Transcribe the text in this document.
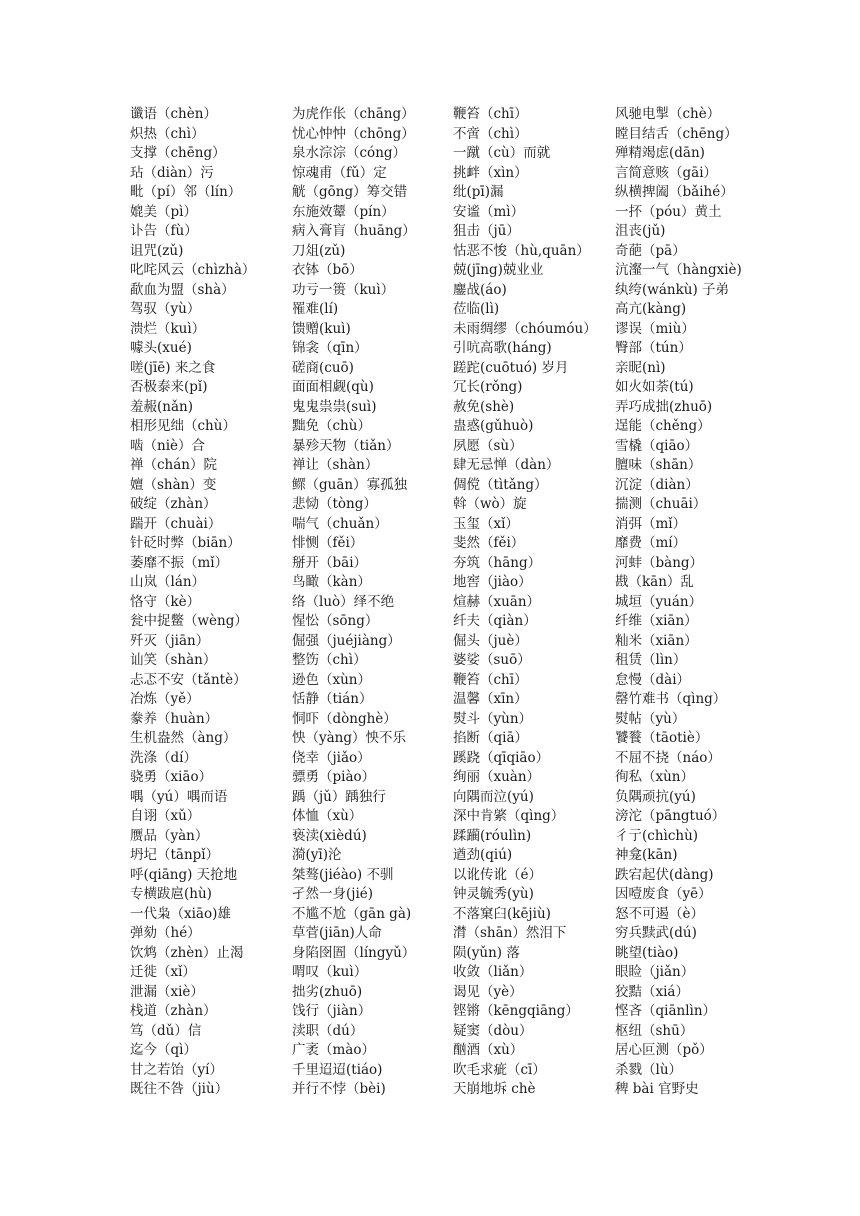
谶语（chèn）
炽热（chì）
支撑（chēng）
玷（diàn）污
毗（pí）邻（lín）
媲美（pì）
讣告（fù）
诅咒(zǔ)
叱咤风云（chìzhà）
歃血为盟（shà）
驾驭（yù）
溃烂（kuì）
噱头(xué)
嗟(jīē) 来之食
否极泰来(pǐ)
羞赧(nǎn)
相形见绌（chù）
啮（niè）合
禅（chán）院
嬗（shàn）变
破绽（zhàn）
踹开（chuài）
针砭时弊（biān）
萎靡不振（mǐ）
山岚（lán）
恪守（kè）
瓮中捉鳖（wèng）
歼灭（jiān）
讪笑（shàn）
忐忑不安（tǎntè）
冶炼（yě）
豢养（huàn）
生机盎然（àng）
洗涤（dí）
骁勇（xiāo）
喁（yú）喁而语
自诩（xǔ）
赝品（yàn）
坍圮（tānpǐ）
呼(qiāng) 天抢地
专横跋扈(hù)
一代枭（xiāo)雄
弹劾（hé）
饮鸩（zhèn）止渴
迁徙（xǐ）
泄漏（xiè）
栈道（zhàn）
笃（dǔ）信
迄今（qì）
甘之若饴（yí）
既往不咎（jiù）
为虎作伥（chāng）
忧心忡忡（chōng）
泉水淙淙（cóng）
惊魂甫（fǔ）定
觥（gōng）筹交错
东施效颦（pín）
病入膏肓（huāng）
刀俎(zǔ)
衣钵（bō）
功亏一篑（kuì）
罹难(lí)
馈赠(kuì)
锦衾（qīn）
磋商(cuō)
面面相觑(qù)
鬼鬼祟祟(suì)
黜免（chù）
暴殄天物（tiǎn）
禅让（shàn）
鳏（guān）寡孤独
悲恸（tòng）
喘气（chuǎn）
悱恻（fěi）
掰开（bāi）
鸟瞰（kàn）
络（luò）绎不绝
惺忪（sōng）
倔强（juéjiàng）
整饬（chì）
逊色（xùn）
恬静（tián）
恫吓（dònghè）
怏（yàng）怏不乐
侥幸（jiǎo）
骠勇（piào）
踽（jǔ）踽独行
体恤（xù）
亵渎(xièdú)
漪(yī)沦
桀骜(jiéào) 不驯
孑然一身(jié)
不尴不尬（gān gà)
草菅(jiān)人命
身陷囹圄（língyǔ）
喟叹（kuì）
拙劣(zhuō)
饯行（jiàn）
渎职（dú）
广袤（mào）
千里迢迢(tiáo)
并行不悖（bèi)
鞭笞（chī）
不啻（chì）
一蹴（cù）而就
挑衅（xìn）
纰(pī)漏
安谧（mì）
狙击（jū）
怙恶不悛（hù,quān）
兢(jīng)兢业业
鏖战(áo)
莅临(lì)
未雨绸缪（chóumóu）
引吭高歌(háng)
蹉跎(cuōtuó) 岁月
冗长(rǒng)
赦免(shè)
蛊惑(gǔhuò)
夙愿（sù）
肆无忌惮（dàn）
倜傥（tìtǎng）
斡（wò）旋
玉玺（xǐ）
斐然（fěi）
夯筑（hāng）
地窖（jiào）
煊赫（xuān）
纤夫（qiàn）
倔头（juè）
婆娑（suō）
鞭笞（chī）
温馨（xīn）
熨斗（yùn）
掐断（qiā）
蹊跷（qīqiāo）
绚丽（xuàn）
向隅而泣(yú)
深中肯綮（qìng）
蹂躏(róulìn)
遒劲(qiú)
以讹传讹（é）
钟灵毓秀(yù)
不落窠臼(kējiù)
潸（shān）然泪下
陨(yǔn) 落
收敛（liǎn）
谒见（yè）
铿锵（kēngqiāng）
疑窦（dòu）
酗酒（xù）
吹毛求疵（cī）
天崩地坼 chè
风驰电掣（chè）
瞠目结舌（chēng）
殚精竭虑(dān)
言简意赅（gāi）
纵横捭阖（bǎihé）
一抔（póu）黄土
沮丧(jǔ)
奇葩（pā）
沆瀣一气（hàngxiè)
纨绔(wánkù) 子弟
高亢(kàng)
谬误（miù）
臀部（tún）
亲昵(nì)
如火如荼(tú)
弄巧成拙(zhuō)
逞能（chěng）
雪橇（qiāo）
膻味（shān）
沉淀（diàn）
揣测（chuāi）
消弭（mǐ）
靡费（mí）
河蚌（bàng）
戡（kān）乱
城垣（yuán）
纤维（xiān）
籼米（xiān）
租赁（lìn）
怠慢（dài）
罄竹难书（qìng）
熨帖（yù）
饕餮（tāotiè）
不屈不挠（náo）
徇私（xùn）
负隅顽抗(yú)
滂沱（pāngtuó）
彳亍(chìchù)
神龛(kān)
跌宕起伏(dàng)
因噎废食（yē）
怒不可遏（è）
穷兵黩武(dú)
眺望(tiào)
眼睑（jiǎn）
狡黠（xiá）
悭吝（qiānlìn）
枢纽（shū）
居心叵测（pǒ）
杀戮（lù）
稗 bài 官野史
